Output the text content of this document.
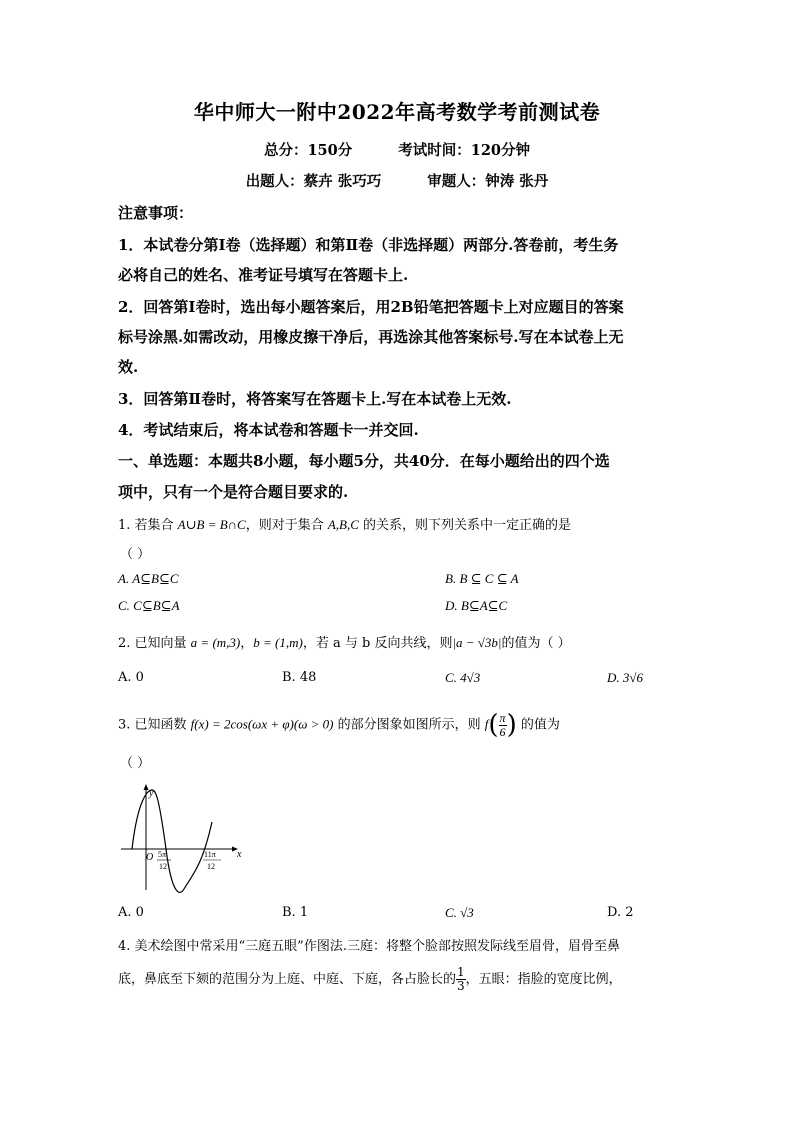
华中师大一附中2022年高考数学考前测试卷
总分：150分	考试时间：120分钟
出题人：蔡卉 张巧巧	审题人：钟涛 张丹
注意事项：
1．本试卷分第Ⅰ卷（选择题）和第Ⅱ卷（非选择题）两部分.答卷前，考生务
必将自己的姓名、准考证号填写在答题卡上.
2．回答第Ⅰ卷时，选出每小题答案后，用2B铅笔把答题卡上对应题目的答案
标号涂黑.如需改动，用橡皮擦干净后，再选涂其他答案标号.写在本试卷上无
效.
3．回答第Ⅱ卷时，将答案写在答题卡上.写在本试卷上无效.
4．考试结束后，将本试卷和答题卡一并交回.
一、单选题：本题共8小题，每小题5分，共40分．在每小题给出的四个选
项中，只有一个是符合题目要求的.
1. 若集合 A∪B = B∩C，则对于集合 A,B,C 的关系，则下列关系中一定正确的是
（ ）
A. A⊆B⊆C	B. B ⊆ C ⊆ A
C. C⊆B⊆A	D. B⊆A⊆C
2. 已知向量 a = (m,3)，b = (1,m)，若 a 与 b 反向共线，则|a − √3b|的值为（ ）
A. 0	B. 48	C. 4√3	D. 3√6
3. 已知函数 f(x) = 2cos(ωx + φ)(ω > 0) 的部分图象如图所示，则 $f( \frac{\pi}{6}$ ) 的值为
（ ）
y
x
O 5π
12
11π
12
A. 0	B. 1	C. √3	D. 2
4. 美术绘图中常采用“三庭五眼”作图法.三庭：将整个脸部按照发际线至眉骨，眉骨至鼻
底，鼻底至下颏的范围分为上庭、中庭、下庭，各占脸长的 $\frac{1}{3}$ ，五眼：指脸的宽度比例，
